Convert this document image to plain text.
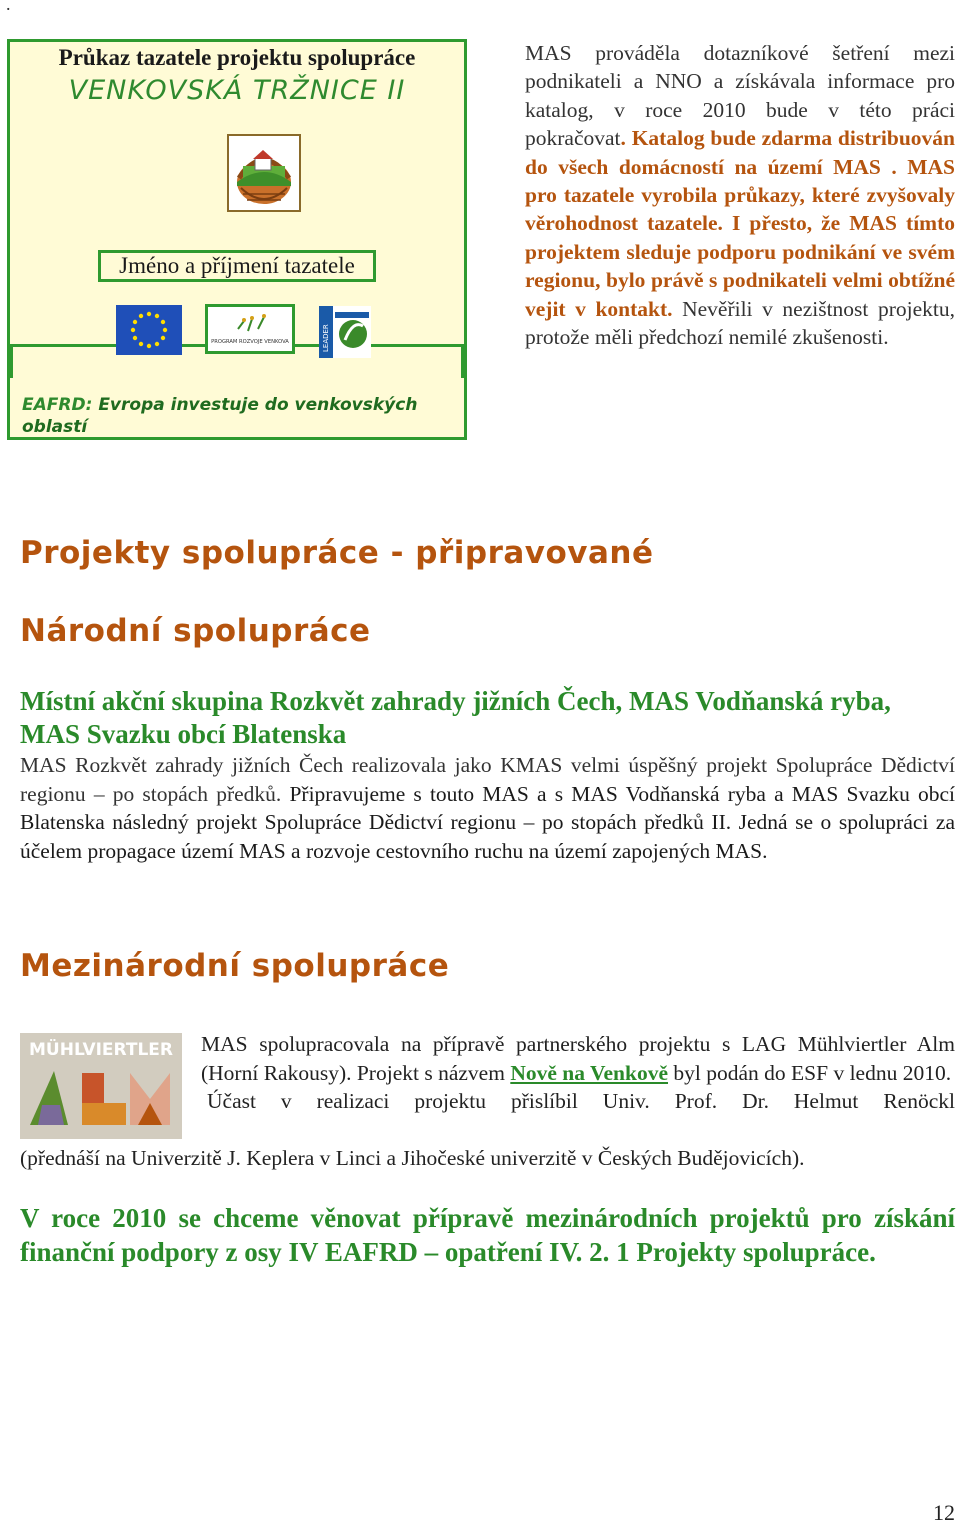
.
Průkaz tazatele projektu spolupráce
VENKOVSKÁ TRŽNICE II
Jméno a příjmení tazatele
PROGRAM ROZVOJE VENKOVA	LEADER
EAFRD: Evropa investuje do venkovských oblastí
MAS prováděla dotazníkové šetření mezi podnikateli a NNO a získávala informace pro katalog, v roce 2010 bude v této práci pokračovat. Katalog bude zdarma distribuován do všech domácností na území MAS . MAS pro tazatele vyrobila průkazy, které zvyšovaly věrohodnost tazatele. I přesto, že MAS tímto projektem sleduje podporu podnikání ve svém regionu, bylo právě s podnikateli velmi obtížné vejit v kontakt. Nevěřili v nezištnost projektu, protože měli předchozí nemilé zkušenosti.
Projekty spolupráce - připravované
Národní spolupráce
Místní akční skupina Rozkvět zahrady jižních Čech, MAS Vodňanská ryba, MAS Svazku obcí Blatenska
MAS Rozkvět zahrady jižních Čech realizovala jako KMAS velmi úspěšný projekt Spolupráce Dědictví regionu – po stopách předků. Připravujeme s touto MAS a s MAS Vodňanská ryba a MAS Svazku obcí Blatenska následný projekt Spolupráce Dědictví regionu – po stopách předků II. Jedná se o spolupráci za účelem propagace území MAS a rozvoje cestovního ruchu na území zapojených MAS.
Mezinárodní spolupráce
MÜHLVIERTLER MAS spolupracovala na přípravě partnerského projektu s LAG Mühlviertler Alm (Horní Rakousy). Projekt s názvem Nově na Venkově byl podán do ESF v lednu 2010.
Účast v realizaci projektu přislíbil Univ. Prof. Dr. Helmut Renöckl
(přednáší na Univerzitě J. Keplera v Linci a Jihočeské univerzitě v Českých Budějovicích).
V roce 2010 se chceme věnovat přípravě mezinárodních projektů pro získání finanční podpory z osy IV EAFRD – opatření IV. 2. 1 Projekty spolupráce.
12
